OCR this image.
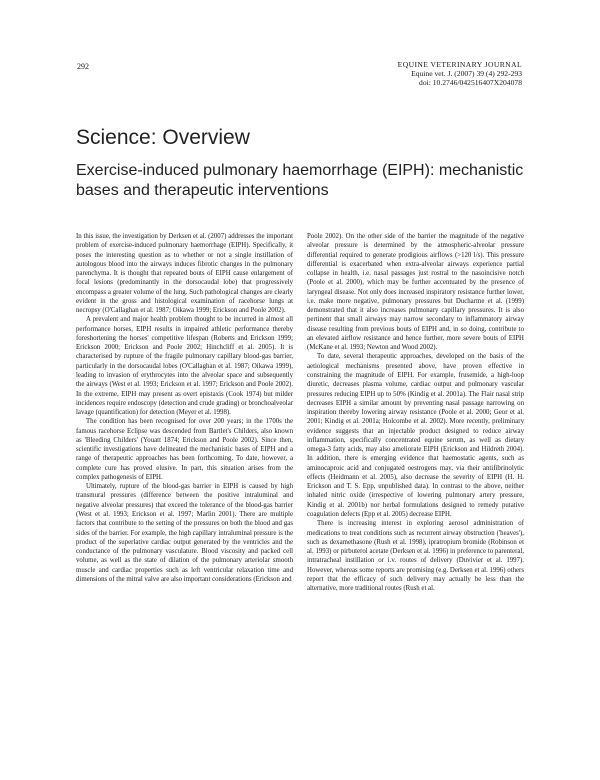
292	EQUINE VETERINARY JOURNAL
Equine vet. J. (2007) 39 (4) 292-293
doi: 10.2746/042516407X204078
Science: Overview
Exercise-induced pulmonary haemorrhage (EIPH): mechanistic bases and therapeutic interventions

In this issue, the investigation by Derksen et al. (2007) addresses the important problem of exercise-induced pulmonary haemorrhage (EIPH). Specifically, it poses the interesting question as to whether or not a single instillation of autologous blood into the airways induces fibrotic changes in the pulmonary parenchyma. It is thought that repeated bouts of EIPH cause enlargement of focal lesions (predominantly in the dorsocaudal lobe) that progressively encompass a greater volume of the lung. Such pathological changes are clearly evident in the gross and histological examination of racehorse lungs at necropsy (O'Callaghan et al. 1987; Oikawa 1999; Erickson and Poole 2002).

A prevalent and major health problem thought to be incurred in almost all performance horses, EIPH results in impaired athletic performance thereby foreshortening the horses' competitive lifespan (Roberts and Erickson 1999; Erickson 2000; Erickson and Poole 2002; Hinchcliff et al. 2005). It is characterised by rupture of the fragile pulmonary capillary blood-gas barrier, particularly in the dorsocaudal lobes (O'Callaghan et al. 1987; Oikawa 1999), leading to invasion of erythrocytes into the alveolar space and subsequently the airways (West et al. 1993; Erickson et al. 1997; Erickson and Poole 2002). In the extreme, EIPH may present as overt epistaxis (Cook 1974) but milder incidences require endoscopy (detection and crude grading) or bronchoalveolar lavage (quantification) for detection (Meyer et al. 1998).

The condition has been recognised for over 200 years; in the 1700s the famous racehorse Eclipse was descended from Bartlet's Childers, also known as 'Bleeding Childers' (Youatt 1874; Erickson and Poole 2002). Since then, scientific investigations have delineated the mechanistic bases of EIPH and a range of therapeutic approaches has been forthcoming. To date, however, a complete cure has proved elusive. In part, this situation arises from the complex pathogenesis of EIPH.

Ultimately, rupture of the blood-gas barrier in EIPH is caused by high transmural pressures (difference between the positive intraluminal and negative alveolar pressures) that exceed the tolerance of the blood-gas barrier (West et al. 1993; Erickson et al. 1997; Marlin 2001). There are multiple factors that contribute to the setting of the pressures on both the blood and gas sides of the barrier. For example, the high capillary intraluminal pressure is the product of the superlative cardiac output generated by the ventricles and the conductance of the pulmonary vasculature. Blood viscosity and packed cell volume, as well as the state of dilation of the pulmonary arteriolar smooth muscle and cardiac properties such as left ventricular relaxation time and dimensions of the mitral valve are also important considerations (Erickson and

Poole 2002). On the other side of the barrier the magnitude of the negative alveolar pressure is determined by the atmospheric-alveolar pressure differential required to generate prodigious airflows (>120 l/s). This pressure differential is exacerbated when extra-alveolar airways experience partial collapse in health, i.e. nasal passages just rostral to the nasoincisive notch (Poole et al. 2000), which may be further accentuated by the presence of laryngeal disease. Not only does increased inspiratory resistance further lower, i.e. make more negative, pulmonary pressures but Ducharme et al. (1999) demonstrated that it also increases pulmonary capillary pressures. It is also pertinent that small airways may narrow secondary to inflammatory airway disease resulting from previous bouts of EIPH and, in so doing, contribute to an elevated airflow resistance and hence further, more severe bouts of EIPH (McKane et al. 1993; Newton and Wood 2002).

To date, several therapeutic approaches, developed on the basis of the aetiological mechanisms presented above, have proven effective in constraining the magnitude of EIPH. For example, frusemide, a high-loop diuretic, decreases plasma volume, cardiac output and pulmonary vascular pressures reducing EIPH up to 50% (Kindig et al. 2001a). The Flair nasal strip decreases EIPH a similar amount by preventing nasal passage narrowing on inspiration thereby lowering airway resistance (Poole et al. 2000; Geor et al. 2001; Kindig et al. 2001a; Holcombe et al. 2002). More recently, preliminary evidence suggests that an injectable product designed to reduce airway inflammation, specifically concentrated equine serum, as well as dietary omega-3 fatty acids, may also ameliorate EIPH (Erickson and Hildreth 2004). In addition, there is emerging evidence that haemostatic agents, such as aminocaproic acid and conjugated oestrogens may, via their antifibrinolytic effects (Heidmann et al. 2005), also decrease the severity of EIPH (H. H. Erickson and T. S. Epp, unpublished data). In contrast to the above, neither inhaled nitric oxide (irrespective of lowering pulmonary artery pressure, Kindig et al. 2001b) nor herbal formulations designed to remedy putative coagulation defects (Epp et al. 2005) decrease EIPH.

There is increasing interest in exploring aerosol administration of medications to treat conditions such as recurrent airway obstruction ('heaves'), such as dexamethasone (Rush et al. 1998), ipratropium bromide (Robinson et al. 1993) or pirbuterol acetate (Derksen et al. 1996) in preference to parenteral, intratracheal instillation or i.v. routes of delivery (Duvivier et al. 1997). However, whereas some reports are promising (e.g. Derksen et al. 1996) others report that the efficacy of such delivery may actually be less than the alternative, more traditional routes (Rush et al.
